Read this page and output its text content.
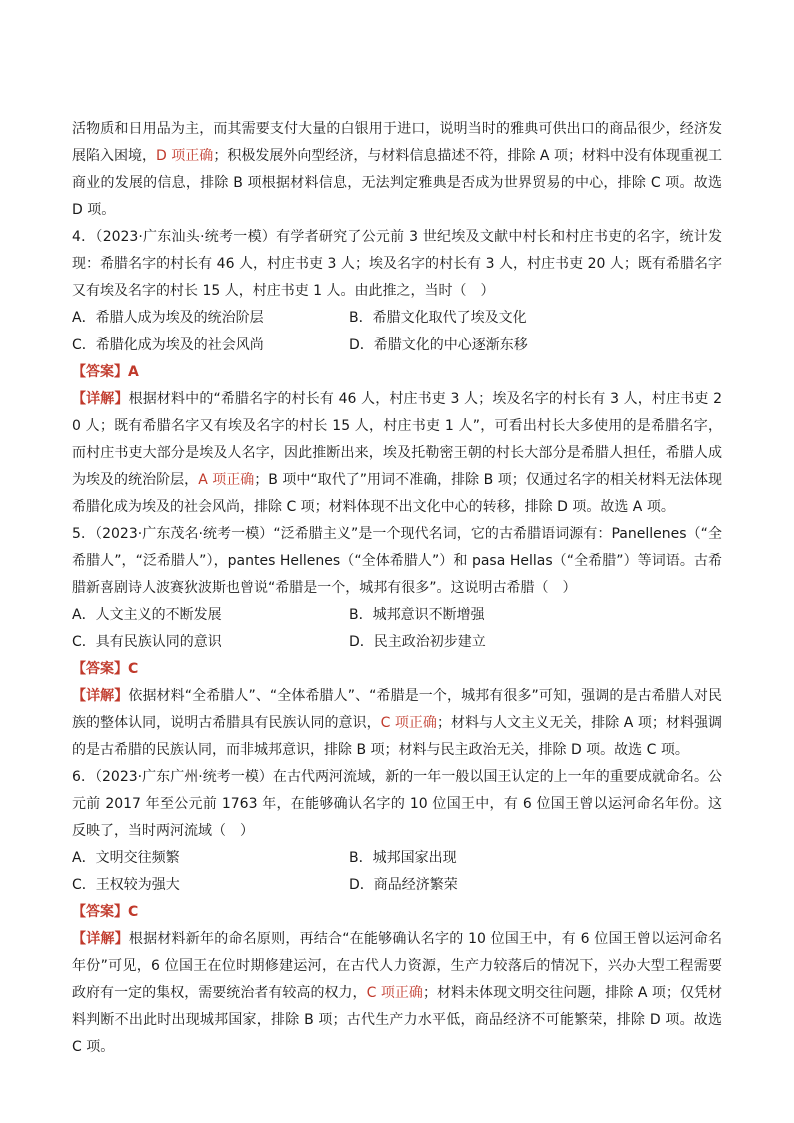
活物质和日用品为主，而其需要支付大量的白银用于进口，说明当时的雅典可供出口的商品很少，经济发展陷入困境，D 项正确；积极发展外向型经济，与材料信息描述不符，排除 A 项；材料中没有体现重视工商业的发展的信息，排除 B 项根据材料信息，无法判定雅典是否成为世界贸易的中心，排除 C 项。故选 D 项。

4．（2023·广东汕头·统考一模）有学者研究了公元前 3 世纪埃及文献中村长和村庄书吏的名字，统计发现：希腊名字的村长有 46 人，村庄书吏 3 人；埃及名字的村长有 3 人，村庄书吏 20 人；既有希腊名字又有埃及名字的村长 15 人，村庄书吏 1 人。由此推之，当时（　）

A．希腊人成为埃及的统治阶层	B．希腊文化取代了埃及文化
C．希腊化成为埃及的社会风尚	D．希腊文化的中心逐渐东移

【答案】A

【详解】根据材料中的“希腊名字的村长有 46 人，村庄书吏 3 人；埃及名字的村长有 3 人，村庄书吏 20 人；既有希腊名字又有埃及名字的村长 15 人，村庄书吏 1 人”，可看出村长大多使用的是希腊名字，而村庄书吏大部分是埃及人名字，因此推断出来，埃及托勒密王朝的村长大部分是希腊人担任，希腊人成为埃及的统治阶层，A 项正确；B 项中“取代了”用词不准确，排除 B 项；仅通过名字的相关材料无法体现希腊化成为埃及的社会风尚，排除 C 项；材料体现不出文化中心的转移，排除 D 项。故选 A 项。

5．（2023·广东茂名·统考一模）“泛希腊主义”是一个现代名词，它的古希腊语词源有：Panellenes（“全希腊人”，“泛希腊人”），pantes Hellenes（“全体希腊人”）和 pasa Hellas（“全希腊”）等词语。古希腊新喜剧诗人波赛狄波斯也曾说“希腊是一个，城邦有很多”。这说明古希腊（　）

A．人文主义的不断发展	B．城邦意识不断增强
C．具有民族认同的意识	D．民主政治初步建立

【答案】C

【详解】依据材料“全希腊人”、“全体希腊人”、“希腊是一个，城邦有很多”可知，强调的是古希腊人对民族的整体认同，说明古希腊具有民族认同的意识，C 项正确；材料与人文主义无关，排除 A 项；材料强调的是古希腊的民族认同，而非城邦意识，排除 B 项；材料与民主政治无关，排除 D 项。故选 C 项。

6．（2023·广东广州·统考一模）在古代两河流域，新的一年一般以国王认定的上一年的重要成就命名。公元前 2017 年至公元前 1763 年，在能够确认名字的 10 位国王中，有 6 位国王曾以运河命名年份。这反映了，当时两河流域（　）

A．文明交往频繁	B．城邦国家出现
C．王权较为强大	D．商品经济繁荣

【答案】C

【详解】根据材料新年的命名原则，再结合“在能够确认名字的 10 位国王中，有 6 位国王曾以运河命名年份”可见，6 位国王在位时期修建运河，在古代人力资源，生产力较落后的情况下，兴办大型工程需要政府有一定的集权，需要统治者有较高的权力，C 项正确；材料未体现文明交往问题，排除 A 项；仅凭材料判断不出此时出现城邦国家，排除 B 项；古代生产力水平低，商品经济不可能繁荣，排除 D 项。故选 C 项。
